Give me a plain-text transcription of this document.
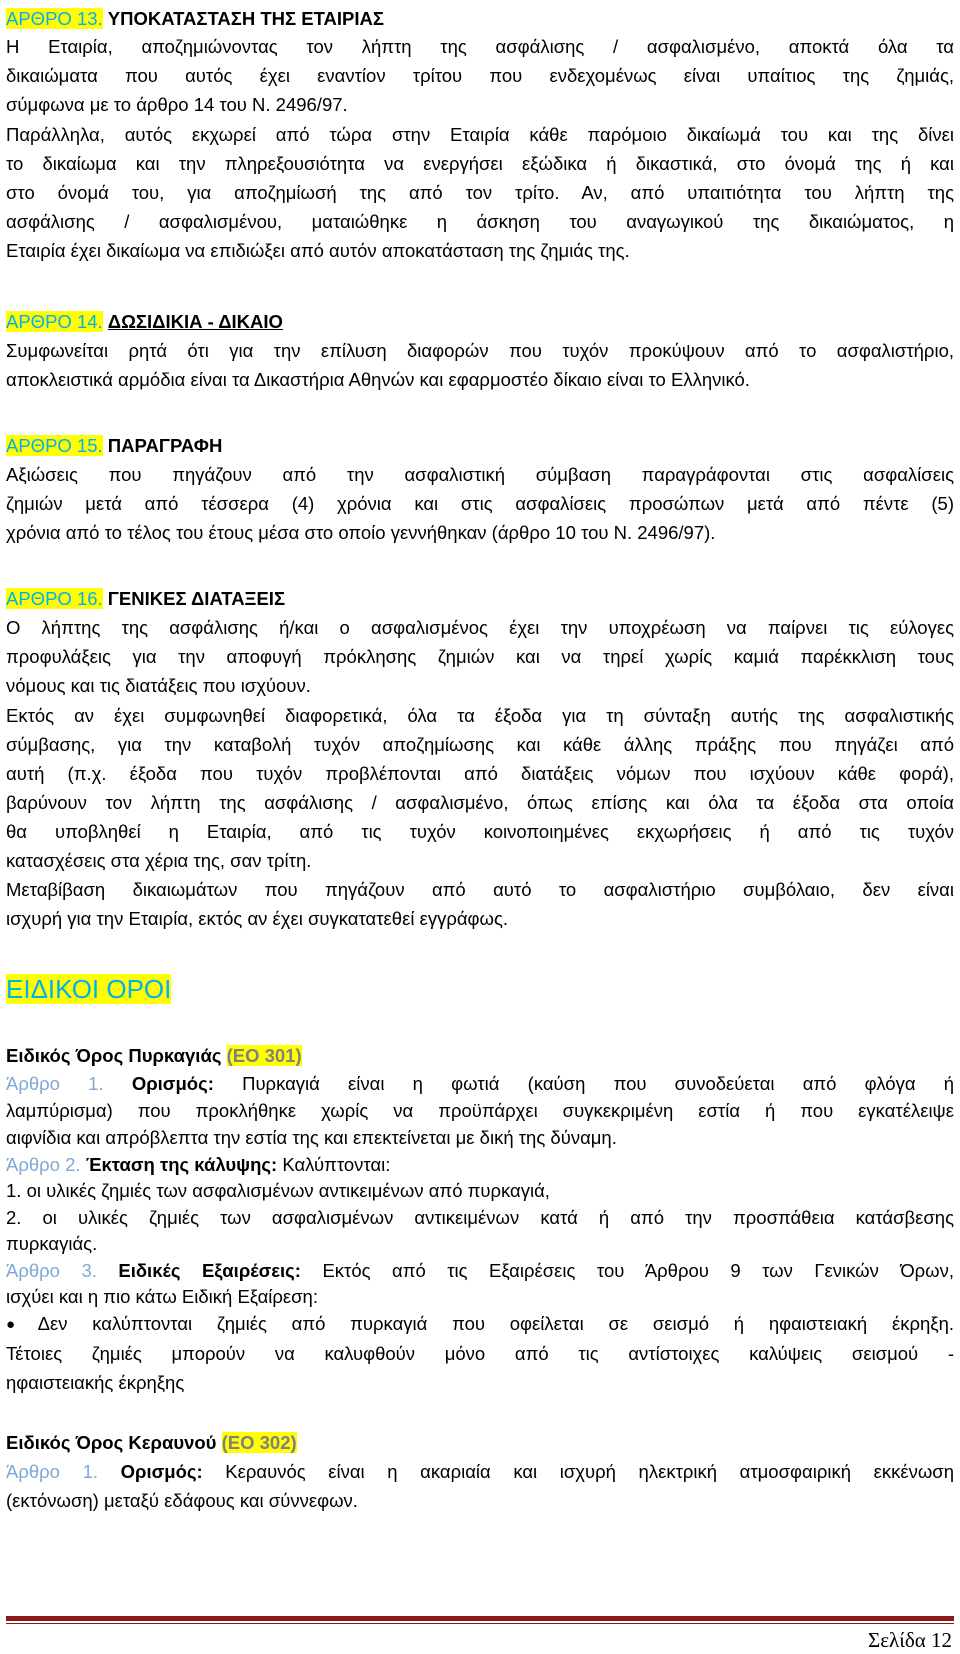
ΑΡΘΡΟ 13. ΥΠΟΚΑΤΑΣΤΑΣΗ ΤΗΣ ΕΤΑΙΡΙΑΣ
Η Εταιρία, αποζημιώνοντας τον λήπτη της ασφάλισης / ασφαλισμένο, αποκτά όλα τα
δικαιώματα που αυτός έχει εναντίον τρίτου που ενδεχομένως είναι υπαίτιος της ζημιάς,
σύμφωνα με το άρθρο 14 του Ν. 2496/97.
Παράλληλα, αυτός εκχωρεί από τώρα στην Εταιρία κάθε παρόμοιο δικαίωμά του και της δίνει
το δικαίωμα και την πληρεξουσιότητα να ενεργήσει εξώδικα ή δικαστικά, στο όνομά της ή και
στο όνομά του, για αποζημίωσή της από τον τρίτο. Αν, από υπαιτιότητα του λήπτη της
ασφάλισης / ασφαλισμένου, ματαιώθηκε η άσκηση του αναγωγικού της δικαιώματος, η
Εταιρία έχει δικαίωμα να επιδιώξει από αυτόν αποκατάσταση της ζημιάς της.
ΑΡΘΡΟ 14. ΔΩΣΙΔΙΚΙΑ - ΔΙΚΑΙΟ
Συμφωνείται ρητά ότι για την επίλυση διαφορών που τυχόν προκύψουν από το ασφαλιστήριο,
αποκλειστικά αρμόδια είναι τα Δικαστήρια Αθηνών και εφαρμοστέο δίκαιο είναι το Ελληνικό.
ΑΡΘΡΟ 15. ΠΑΡΑΓΡΑΦΗ
Αξιώσεις που πηγάζουν από την ασφαλιστική σύμβαση παραγράφονται στις ασφαλίσεις
ζημιών μετά από τέσσερα (4) χρόνια και στις ασφαλίσεις προσώπων μετά από πέντε (5)
χρόνια από το τέλος του έτους μέσα στο οποίο γεννήθηκαν (άρθρο 10 του Ν. 2496/97).
ΑΡΘΡΟ 16. ΓΕΝΙΚΕΣ ΔΙΑΤΑΞΕΙΣ
Ο λήπτης της ασφάλισης ή/και ο ασφαλισμένος έχει την υποχρέωση να παίρνει τις εύλογες
προφυλάξεις για την αποφυγή πρόκλησης ζημιών και να τηρεί χωρίς καμιά παρέκκλιση τους
νόμους και τις διατάξεις που ισχύουν.
Εκτός αν έχει συμφωνηθεί διαφορετικά, όλα τα έξοδα για τη σύνταξη αυτής της ασφαλιστικής
σύμβασης, για την καταβολή τυχόν αποζημίωσης και κάθε άλλης πράξης που πηγάζει από
αυτή (π.χ. έξοδα που τυχόν προβλέπονται από διατάξεις νόμων που ισχύουν κάθε φορά),
βαρύνουν τον λήπτη της ασφάλισης / ασφαλισμένο, όπως επίσης και όλα τα έξοδα στα οποία
θα υποβληθεί η Εταιρία, από τις τυχόν κοινοποιημένες εκχωρήσεις ή από τις τυχόν
κατασχέσεις στα χέρια της, σαν τρίτη.
Μεταβίβαση δικαιωμάτων που πηγάζουν από αυτό το ασφαλιστήριο συμβόλαιο, δεν είναι
ισχυρή για την Εταιρία, εκτός αν έχει συγκατατεθεί εγγράφως.
ΕΙΔΙΚΟΙ ΟΡΟΙ
Ειδικός Όρος Πυρκαγιάς (ΕΟ 301)
Άρθρο 1. Ορισμός: Πυρκαγιά είναι η φωτιά (καύση που συνοδεύεται από φλόγα ή
λαμπύρισμα) που προκλήθηκε χωρίς να προϋπάρχει συγκεκριμένη εστία ή που εγκατέλειψε
αιφνίδια και απρόβλεπτα την εστία της και επεκτείνεται με δική της δύναμη.
Άρθρο 2. Έκταση της κάλυψης: Καλύπτονται:
1. οι υλικές ζημιές των ασφαλισμένων αντικειμένων από πυρκαγιά,
2. οι υλικές ζημιές των ασφαλισμένων αντικειμένων κατά ή από την προσπάθεια κατάσβεσης
πυρκαγιάς.
Άρθρο 3. Ειδικές Εξαιρέσεις: Εκτός από τις Εξαιρέσεις του Άρθρου 9 των Γενικών Όρων,
ισχύει και η πιο κάτω Ειδική Εξαίρεση:
● Δεν καλύπτονται ζημιές από πυρκαγιά που οφείλεται σε σεισμό ή ηφαιστειακή έκρηξη.
Τέτοιες ζημιές μπορούν να καλυφθούν μόνο από τις αντίστοιχες καλύψεις σεισμού -
ηφαιστειακής έκρηξης
Ειδικός Όρος Κεραυνού (ΕΟ 302)
Άρθρο 1. Ορισμός: Κεραυνός είναι η ακαριαία και ισχυρή ηλεκτρική ατμοσφαιρική εκκένωση
(εκτόνωση) μεταξύ εδάφους και σύννεφων.
Σελίδα 12
